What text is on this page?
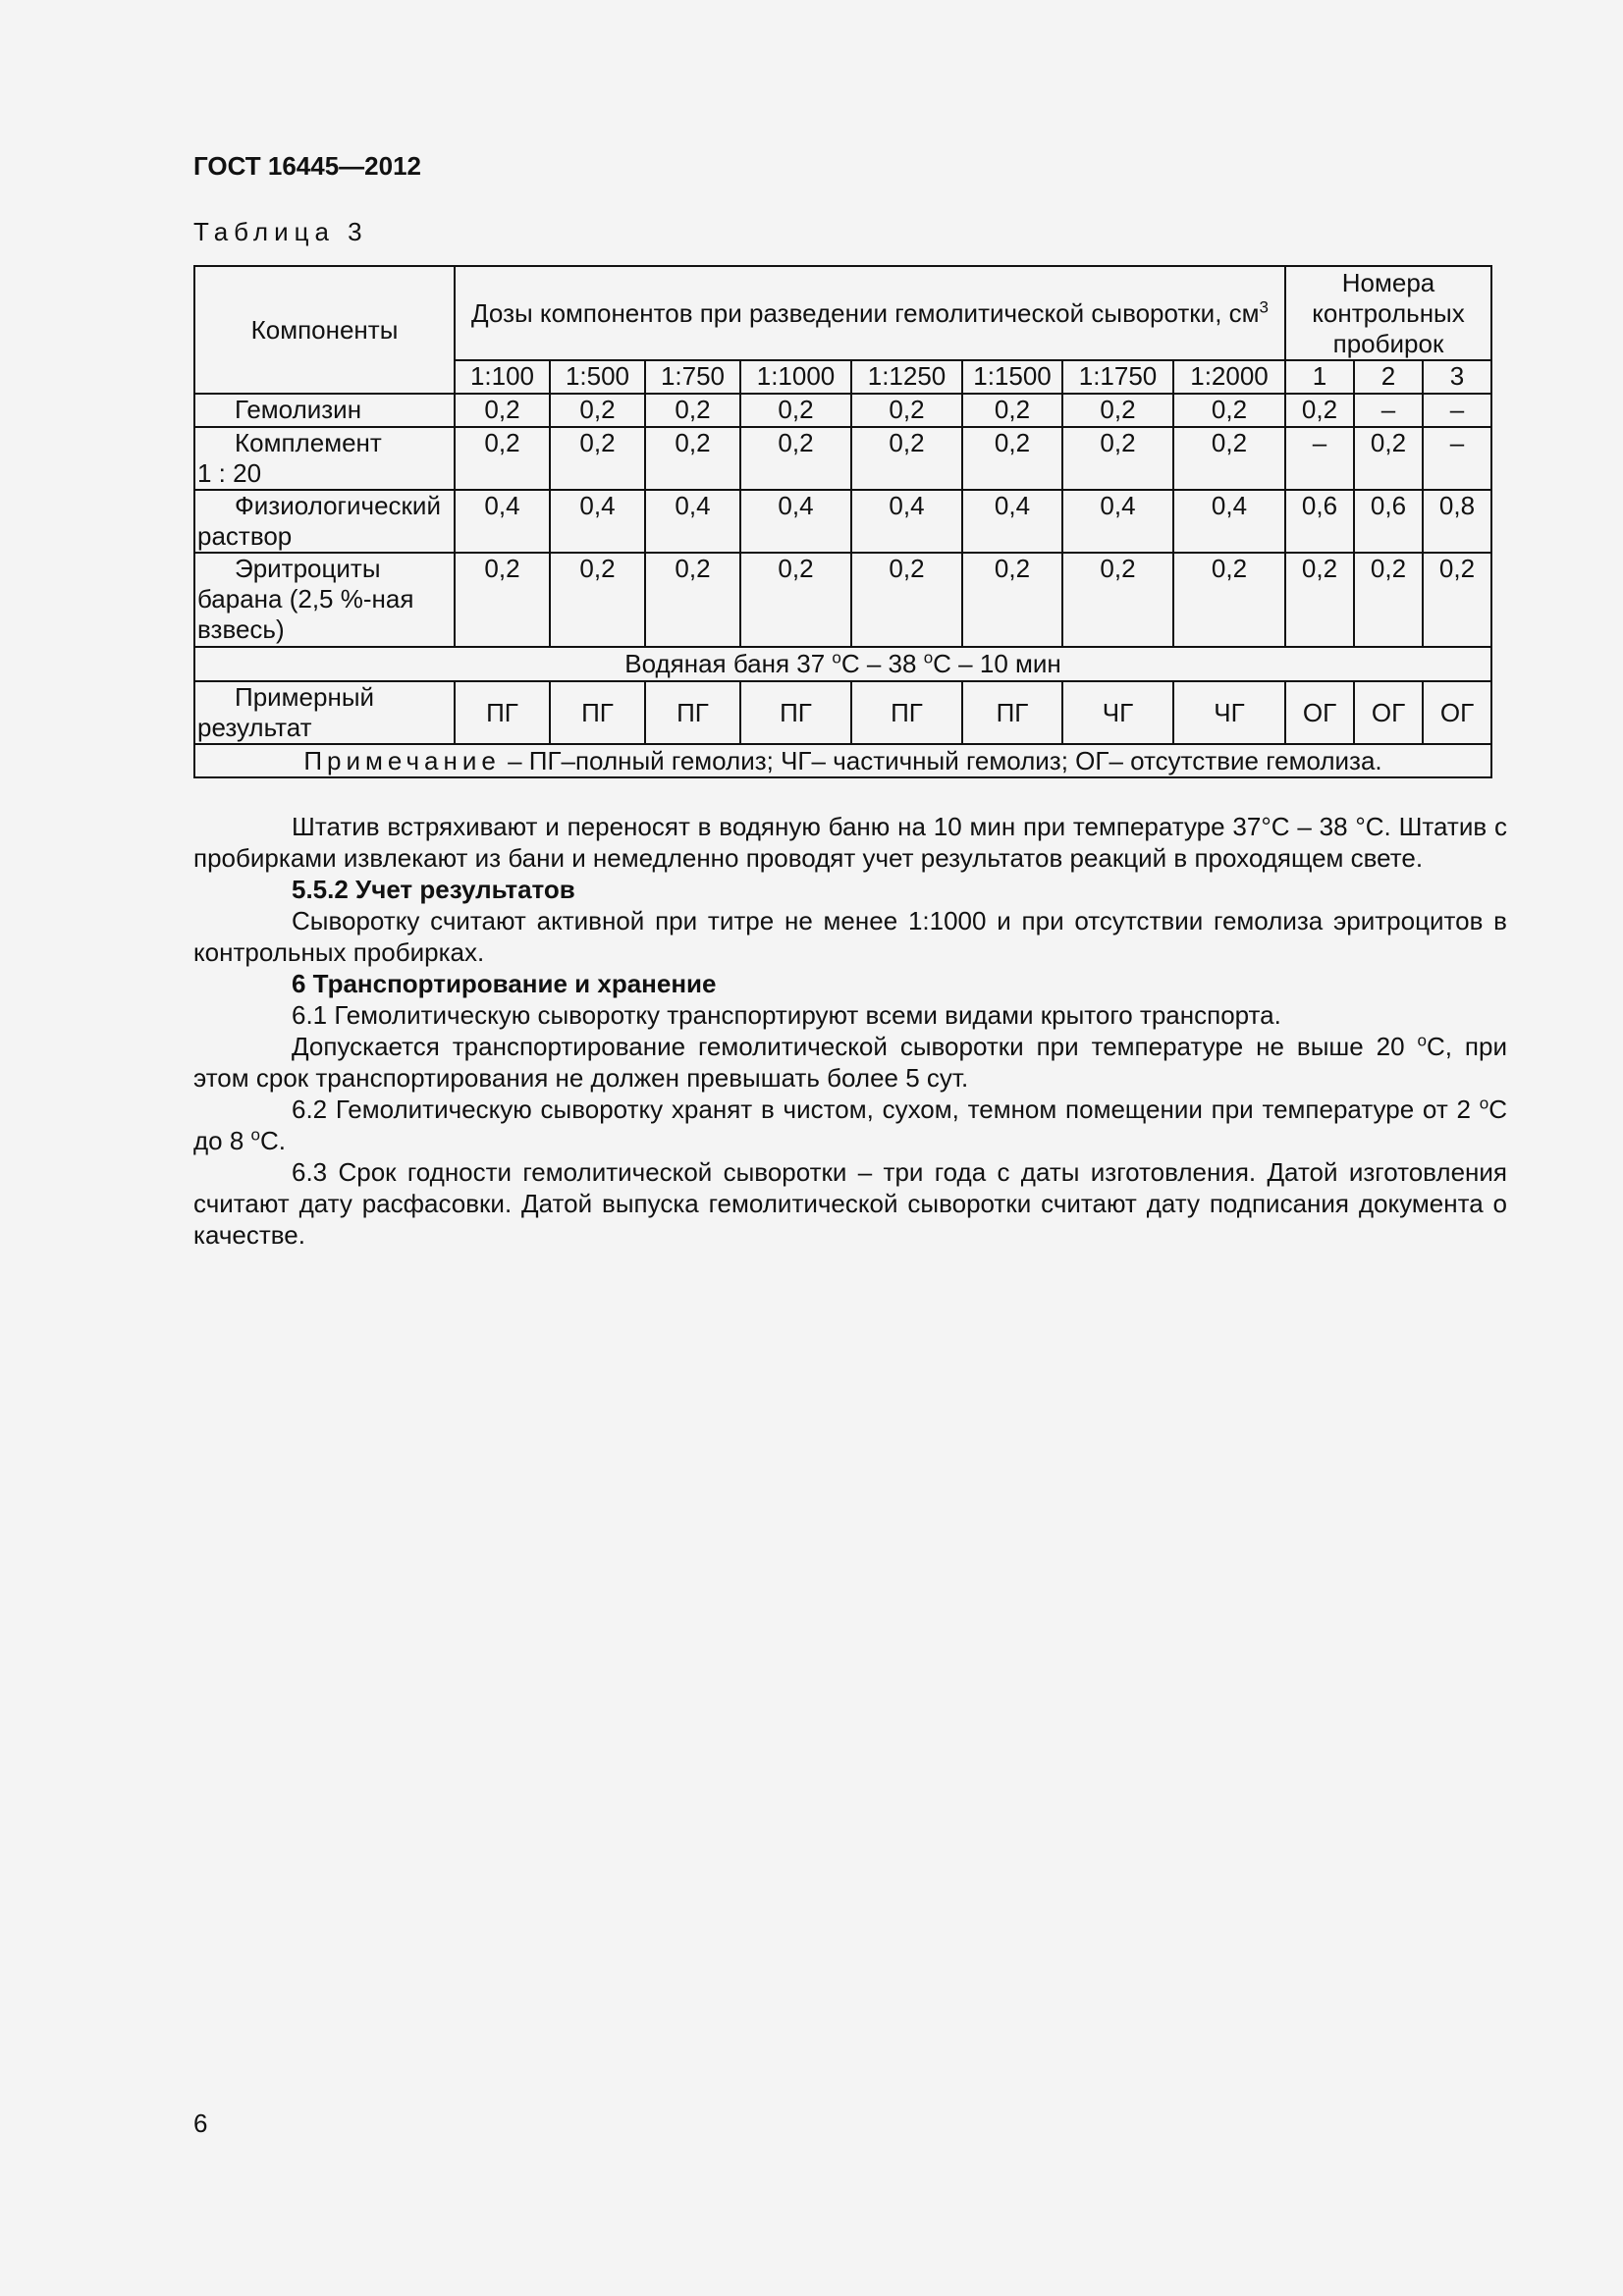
ГОСТ 16445—2012
Таблица 3
Компоненты	Дозы компонентов при разведении гемолитической сыворотки, $см^3$								Номера контрольных пробирок		
	1:100	1:500	1:750	1:1000	1:1250	1:1500	1:1750	1:2000	1	2	3

Гемолизин	0,2	0,2	0,2	0,2	0,2	0,2	0,2	0,2	0,2	–	–

Комплемент
1 : 20	0,2	0,2	0,2	0,2	0,2	0,2	0,2	0,2	–	0,2	–

Физиологический
раствор	0,4	0,4	0,4	0,4	0,4	0,4	0,4	0,4	0,6	0,6	0,8

Эритроциты
барана (2,5 %-ная
взвесь)	0,2	0,2	0,2	0,2	0,2	0,2	0,2	0,2	0,2	0,2	0,2
Водяная баня 37 $^o$С – 38 $^o$С – 10 мин											

Примерный
результат	ПГ	ПГ	ПГ	ПГ	ПГ	ПГ	ЧГ	ЧГ	ОГ	ОГ	ОГ
Примечание – ПГ–полный гемолиз; ЧГ– частичный гемолиз; ОГ– отсутствие гемолиза.											

Штатив встряхивают и переносят в водяную баню на 10 мин при температуре 37°С – 38 °С. Штатив с пробирками извлекают из бани и немедленно проводят учет результатов реакций в проходящем свете.

5.5.2 Учет результатов

Сыворотку считают активной при титре не менее 1:1000 и при отсутствии гемолиза эритроцитов в контрольных пробирках.

6 Транспортирование и хранение

6.1 Гемолитическую сыворотку транспортируют всеми видами крытого транспорта.

Допускается транспортирование гемолитической сыворотки при температуре не выше 20 $^o$С, при этом срок транспортирования не должен превышать более 5 сут.

6.2 Гемолитическую сыворотку хранят в чистом, сухом, темном помещении при температуре от 2 $^o$С до 8 $^o$С.

6.3 Срок годности гемолитической сыворотки – три года с даты изготовления. Датой изготовления считают дату расфасовки. Датой выпуска гемолитической сыворотки считают дату подписания документа о качестве.

6
